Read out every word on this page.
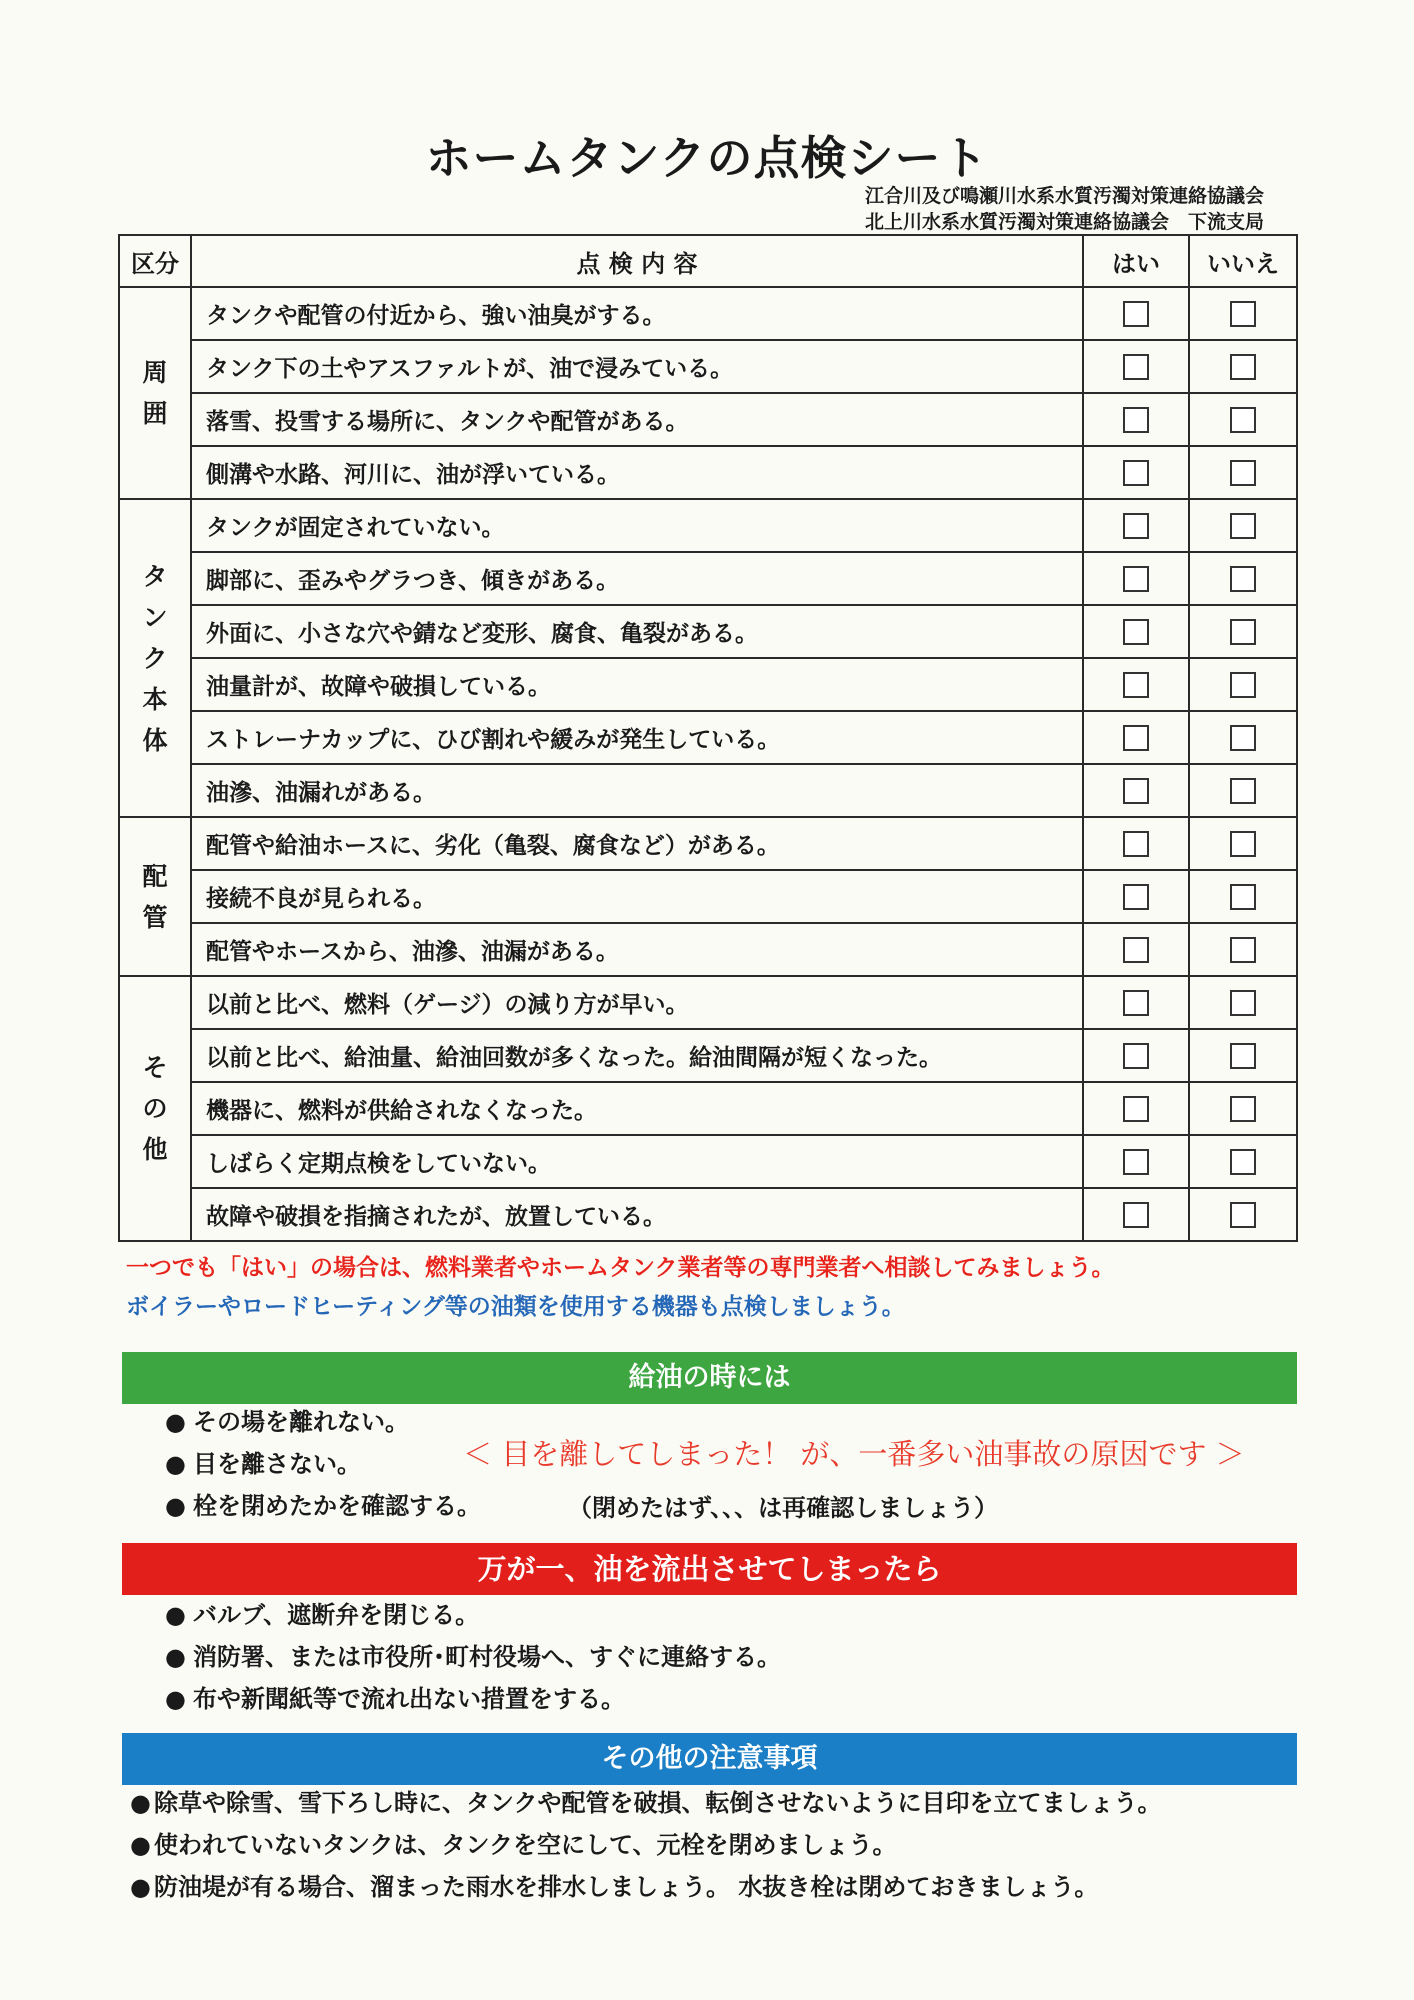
ホームタンクの点検シート
江合川及び鳴瀬川水系水質汚濁対策連絡協議会
北上川水系水質汚濁対策連絡協議会　下流支局
区分	点 検 内 容	はい	いいえ
周囲	タンクや配管の付近から、強い油臭がする。		
	タンク下の土やアスファルトが、油で浸みている。		
	落雪、投雪する場所に、タンクや配管がある。		
	側溝や水路、河川に、油が浮いている。		
タンク本体	タンクが固定されていない。		
	脚部に、歪みやグラつき、傾きがある。		
	外面に、小さな穴や錆など変形、腐食、亀裂がある。		
	油量計が、故障や破損している。		
	ストレーナカップに、ひび割れや緩みが発生している。		
	油滲、油漏れがある。		
配管	配管や給油ホースに、劣化（亀裂、腐食など）がある。		
	接続不良が見られる。		
	配管やホースから、油滲、油漏がある。		
その他	以前と比べ、燃料（ゲージ）の減り方が早い。		
	以前と比べ、給油量、給油回数が多くなった。給油間隔が短くなった。		
	機器に、燃料が供給されなくなった。		
	しばらく定期点検をしていない。		
	故障や破損を指摘されたが、放置している。		
一つでも「はい」の場合は、燃料業者やホームタンク業者等の専門業者へ相談してみましょう。
ボイラーやロードヒーティング等の油類を使用する機器も点検しましょう。
給油の時には
● その場を離れない。
● 目を離さない。
● 栓を閉めたかを確認する。
＜ 目を離してしまった！ が、一番多い油事故の原因です ＞
（閉めたはず、、、は再確認しましょう）
万が一、油を流出させてしまったら
● バルブ、遮断弁を閉じる。
● 消防署、または市役所･町村役場へ、すぐに連絡する。
● 布や新聞紙等で流れ出ない措置をする。
その他の注意事項
● 除草や除雪、雪下ろし時に、タンクや配管を破損、転倒させないように目印を立てましょう。
● 使われていないタンクは、タンクを空にして、元栓を閉めましょう。
● 防油堤が有る場合、溜まった雨水を排水しましょう。 水抜き栓は閉めておきましょう。
